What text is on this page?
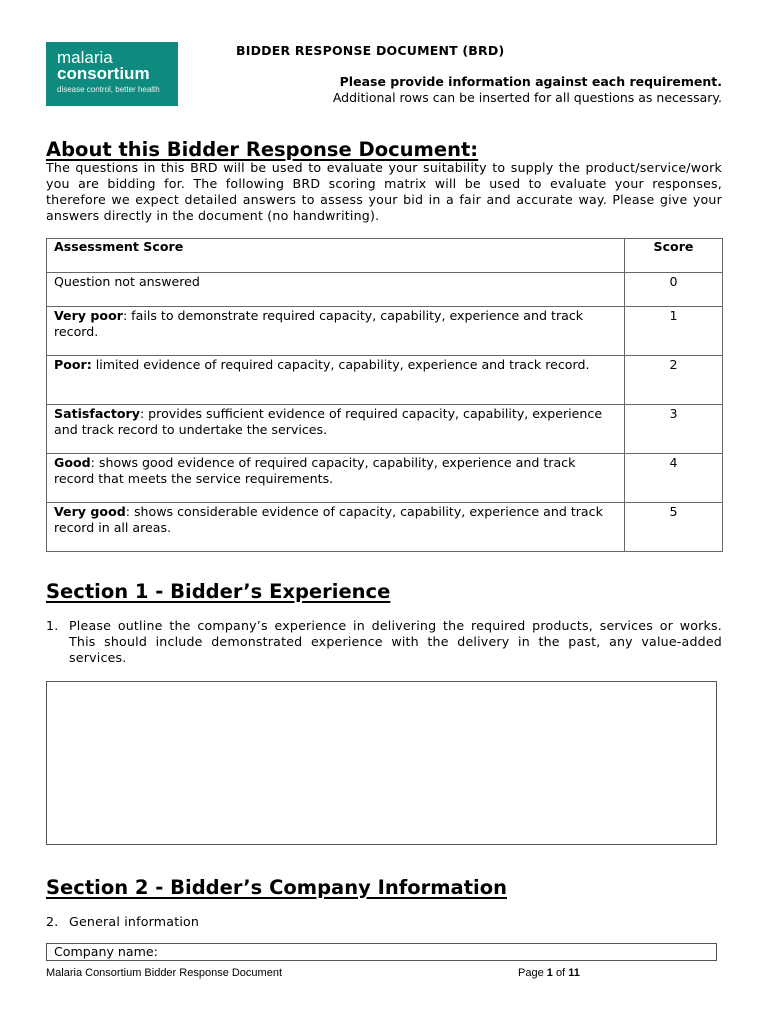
malaria
consortium
disease control, better health
BIDDER RESPONSE DOCUMENT (BRD)
Please provide information against each requirement.
Additional rows can be inserted for all questions as necessary.
About this Bidder Response Document:
The questions in this BRD will be used to evaluate your suitability to supply the product/service/work you are bidding for. The following BRD scoring matrix will be used to evaluate your responses, therefore we expect detailed answers to assess your bid in a fair and accurate way. Please give your answers directly in the document (no handwriting).
Assessment Score	Score
Question not answered	0
Very poor: fails to demonstrate required capacity, capability, experience and track record.	1
Poor: limited evidence of required capacity, capability, experience and track record.	2
Satisfactory: provides sufficient evidence of required capacity, capability, experience and track record to undertake the services.	3
Good: shows good evidence of required capacity, capability, experience and track record that meets the service requirements.	4
Very good: shows considerable evidence of capacity, capability, experience and track record in all areas.	5
Section 1 - Bidder’s Experience
1. Please outline the company’s experience in delivering the required products, services or works. This should include demonstrated experience with the delivery in the past, any value-added services.
Section 2 - Bidder’s Company Information
2. General information
Company name:
Malaria Consortium Bidder Response Document	Page 1 of 11
